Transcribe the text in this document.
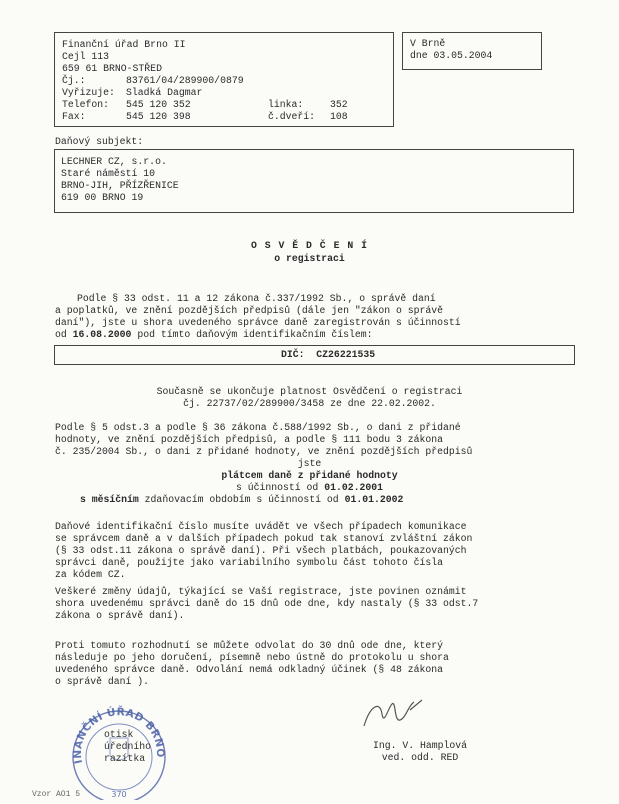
Finanční úřad Brno II
Cejl 113
659 61 BRNO-STŘED
Čj.:	83761/04/289900/0879
Vyřizuje:	Sladká Dagmar
Telefon:	545 120 352	linka:	352
Fax:	545 120 398	č.dveří:	108
V Brně
dne 03.05.2004
Daňový subjekt:
LECHNER CZ, s.r.o.
Staré náměstí 10
BRNO-JIH, PŘÍZŘENICE
619 00 BRNO 19
O S V Ě D Č E N Í
o registraci
Podle § 33 odst. 11 a 12 zákona č.337/1992 Sb., o správě daní
a poplatků, ve znění pozdějších předpisů (dále jen "zákon o správě
daní"), jste u shora uvedeného správce daně zaregistrován s účinností
od 16.08.2000 pod tímto daňovým identifikačním číslem:
DIČ: CZ26221535
Současně se ukončuje platnost Osvědčení o registraci
čj. 22737/02/289900/3458 ze dne 22.02.2002.
Podle § 5 odst.3 a podle § 36 zákona č.588/1992 Sb., o dani z přidané
hodnoty, ve znění pozdějších předpisů, a podle § 111 bodu 3 zákona
č. 235/2004 Sb., o dani z přidané hodnoty, ve znění pozdějších předpisů
jste
plátcem daně z přidané hodnoty
s účinností od 01.02.2001
s měsíčním zdaňovacím obdobím s účinností od 01.01.2002
Daňové identifikační číslo musíte uvádět ve všech případech komunikace
se správcem daně a v dalších případech pokud tak stanoví zvláštní zákon
(§ 33 odst.11 zákona o správě daní). Při všech platbách, poukazovaných
správci daně, použijte jako variabilního symbolu část tohoto čísla
za kódem CZ.
Veškeré změny údajů, týkající se Vaší registrace, jste povinen oznámit
shora uvedenému správci daně do 15 dnů ode dne, kdy nastaly (§ 33 odst.7
zákona o správě daní).
Proti tomuto rozhodnutí se můžete odvolat do 30 dnů ode dne, který
následuje po jeho doručení, písemně nebo ústně do protokolu u shora
uvedeného správce daně. Odvolání nemá odkladný účinek (§ 48 zákona
o správě daní ).
INANČNÍ ÚŘAD BRNO
370
otisk
úředního
razítka
Ing. V. Hamplová
ved. odd. RED
Vzor AO1 5
